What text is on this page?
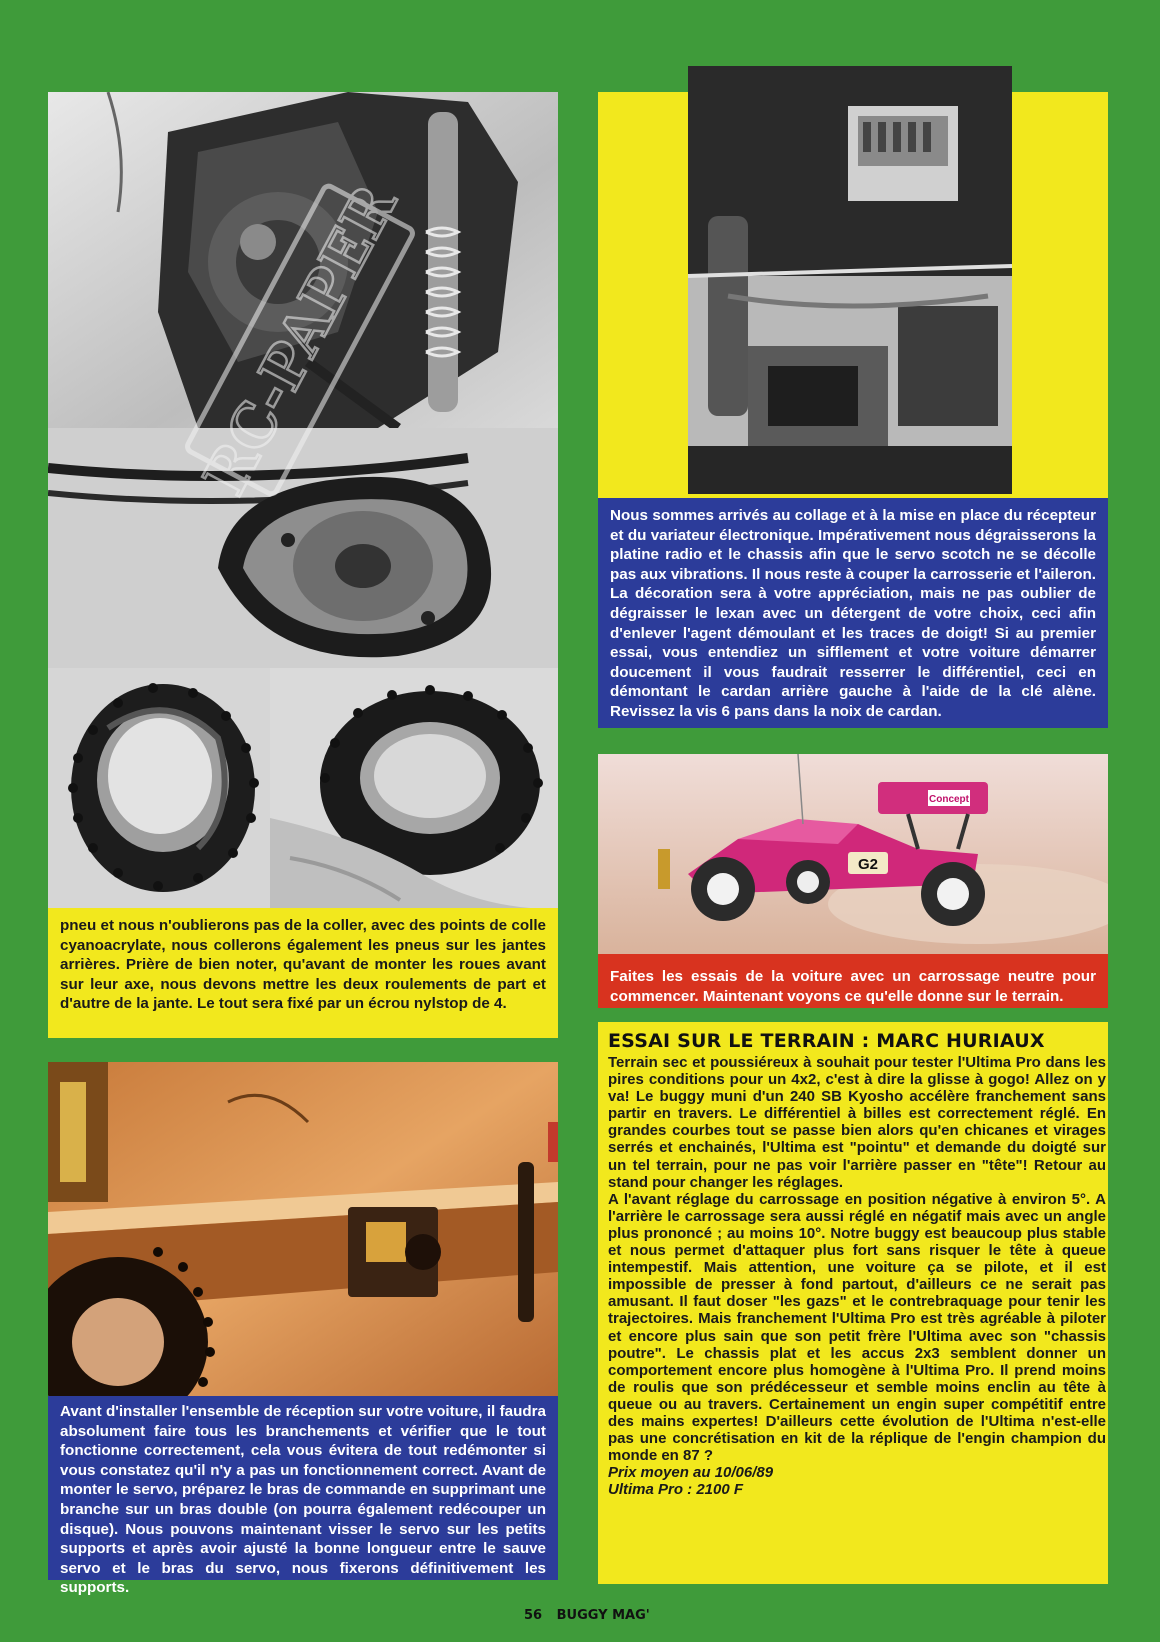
RC-PAPER

pneu et nous n'oublierons pas de la coller, avec des points de colle cyanoacrylate, nous collerons également les pneus sur les jantes arrières. Prière de bien noter, qu'avant de monter les roues avant sur leur axe, nous devons mettre les deux roulements de part et d'autre de la jante. Le tout sera fixé par un écrou nylstop de 4.

Nous sommes arrivés au collage et à la mise en place du récepteur et du variateur électronique. Impérativement nous dégraisserons la platine radio et le chassis afin que le servo scotch ne se décolle pas aux vibrations. Il nous reste à couper la carrosserie et l'aileron. La décoration sera à votre appréciation, mais ne pas oublier de dégraisser le lexan avec un détergent de votre choix, ceci afin d'enlever l'agent démoulant et les traces de doigt! Si au premier essai, vous entendiez un sifflement et votre voiture démarrer doucement il vous faudrait resserrer le différentiel, ceci en démontant le cardan arrière gauche à l'aide de la clé alène. Revissez la vis 6 pans dans la noix de cardan.

Concept
G2

Faites les essais de la voiture avec un carrossage neutre pour commencer. Maintenant voyons ce qu'elle donne sur le terrain.

ESSAI SUR LE TERRAIN : MARC HURIAUX

Terrain sec et poussiéreux à souhait pour tester l'Ultima Pro dans les pires conditions pour un 4x2, c'est à dire la glisse à gogo! Allez on y va! Le buggy muni d'un 240 SB Kyosho accélère franchement sans partir en travers. Le différentiel à billes est correctement réglé. En grandes courbes tout se passe bien alors qu'en chicanes et virages serrés et enchainés, l'Ultima est "pointu" et demande du doigté sur un tel terrain, pour ne pas voir l'arrière passer en "tête"! Retour au stand pour changer les réglages.

A l'avant réglage du carrossage en position négative à environ 5°. A l'arrière le carrossage sera aussi réglé en négatif mais avec un angle plus prononcé ; au moins 10°. Notre buggy est beaucoup plus stable et nous permet d'attaquer plus fort sans risquer le tête à queue intempestif. Mais attention, une voiture ça se pilote, et il est impossible de presser à fond partout, d'ailleurs ce ne serait pas amusant. Il faut doser "les gazs" et le contrebraquage pour tenir les trajectoires. Mais franchement l'Ultima Pro est très agréable à piloter et encore plus sain que son petit frère l'Ultima avec son "chassis poutre". Le chassis plat et les accus 2x3 semblent donner un comportement encore plus homogène à l'Ultima Pro. Il prend moins de roulis que son prédécesseur et semble moins enclin au tête à queue ou au travers. Certainement un engin super compétitif entre des mains expertes! D'ailleurs cette évolution de l'Ultima n'est-elle pas une concrétisation en kit de la réplique de l'engin champion du monde en 87 ?

Prix moyen au 10/06/89

Ultima Pro : 2100 F

Avant d'installer l'ensemble de réception sur votre voiture, il faudra absolument faire tous les branchements et vérifier que le tout fonctionne correctement, cela vous évitera de tout redémonter si vous constatez qu'il n'y a pas un fonctionnement correct. Avant de monter le servo, préparez le bras de commande en supprimant une branche sur un bras double (on pourra également redécouper un disque). Nous pouvons maintenant visser le servo sur les petits supports et après avoir ajusté la bonne longueur entre le sauve servo et le bras du servo, nous fixerons définitivement les supports.

56 BUGGY MAG'
